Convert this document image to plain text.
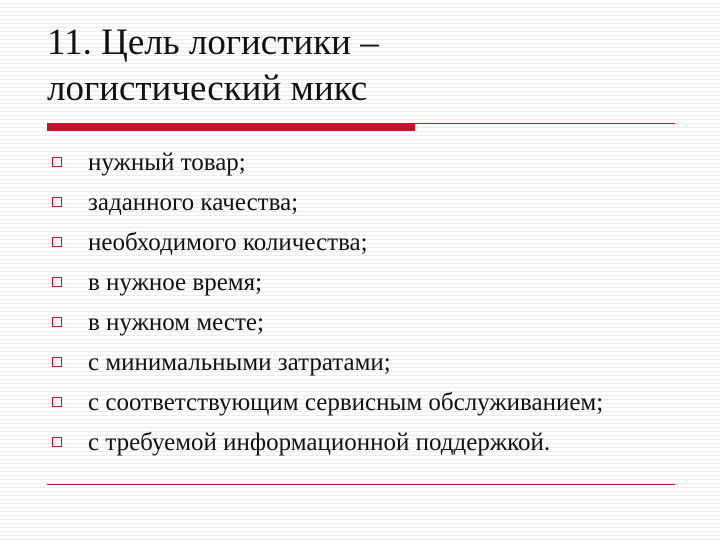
11. Цель логистики –
логистический микс
нужный товар;
заданного качества;
необходимого количества;
в нужное время;
в нужном месте;
с минимальными затратами;
с соответствующим сервисным обслуживанием;
с требуемой информационной поддержкой.
